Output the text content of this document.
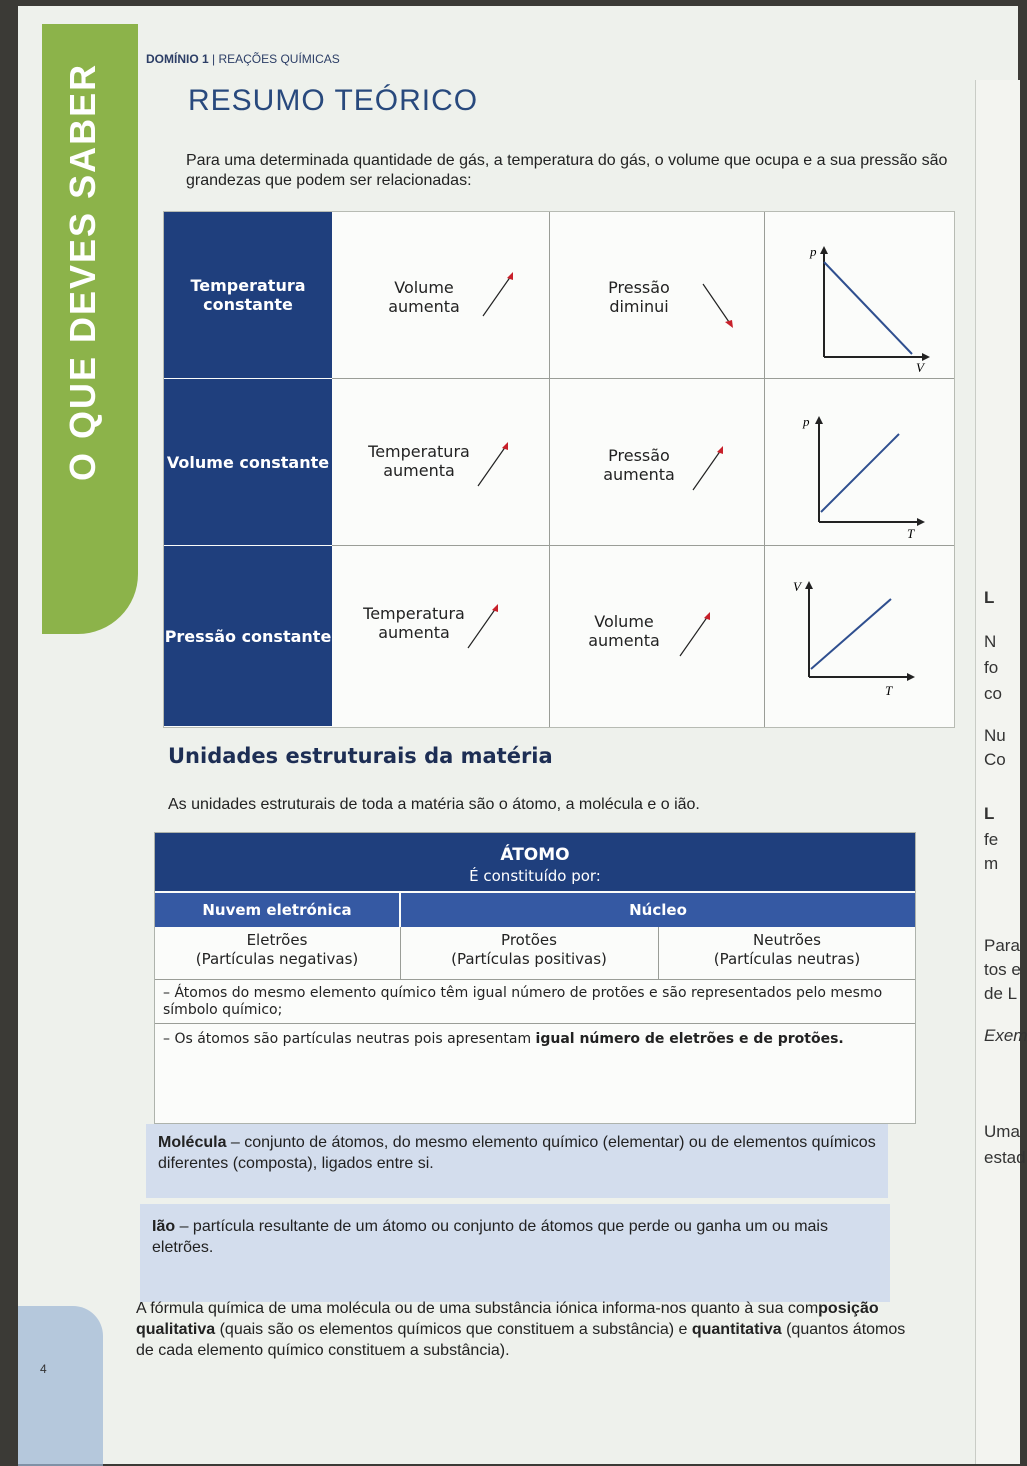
O QUE DEVES SABER
DOMÍNIO 1 | REAÇÕES QUÍMICAS
RESUMO TEÓRICO
Para uma determinada quantidade de gás, a temperatura do gás, o volume que ocupa e a sua pressão são grandezas que podem ser relacionadas:
Temperatura constante
Volume constante
Pressão constante
Volume aumenta
Pressão diminui
Temperatura aumenta
Pressão aumenta
Temperatura aumenta
Volume aumenta
p
V
p
T
V
T
Unidades estruturais da matéria
As unidades estruturais de toda a matéria são o átomo, a molécula e o ião.
ÁTOMO
É constituído por:
Nuvem eletrónica	Núcleo
Eletrões
(Partículas negativas)
Protões
(Partículas positivas)
Neutrões
(Partículas neutras)
– Átomos do mesmo elemento químico têm igual número de protões e são representados pelo mesmo símbolo químico;
– Os átomos são partículas neutras pois apresentam igual número de eletrões e de protões.
Molécula – conjunto de átomos, do mesmo elemento químico (elementar) ou de elementos químicos diferentes (composta), ligados entre si.
Ião – partícula resultante de um átomo ou conjunto de átomos que perde ou ganha um ou mais eletrões.
A fórmula química de uma molécula ou de uma substância iónica informa-nos quanto à sua composição qualitativa (quais são os elementos químicos que constituem a substância) e quantitativa (quantos átomos de cada elemento químico constituem a substância).
4
L
N
fo
co
Nu
Co
L
fe
m
Para
tos e
de L
Exem
Uma
estad
